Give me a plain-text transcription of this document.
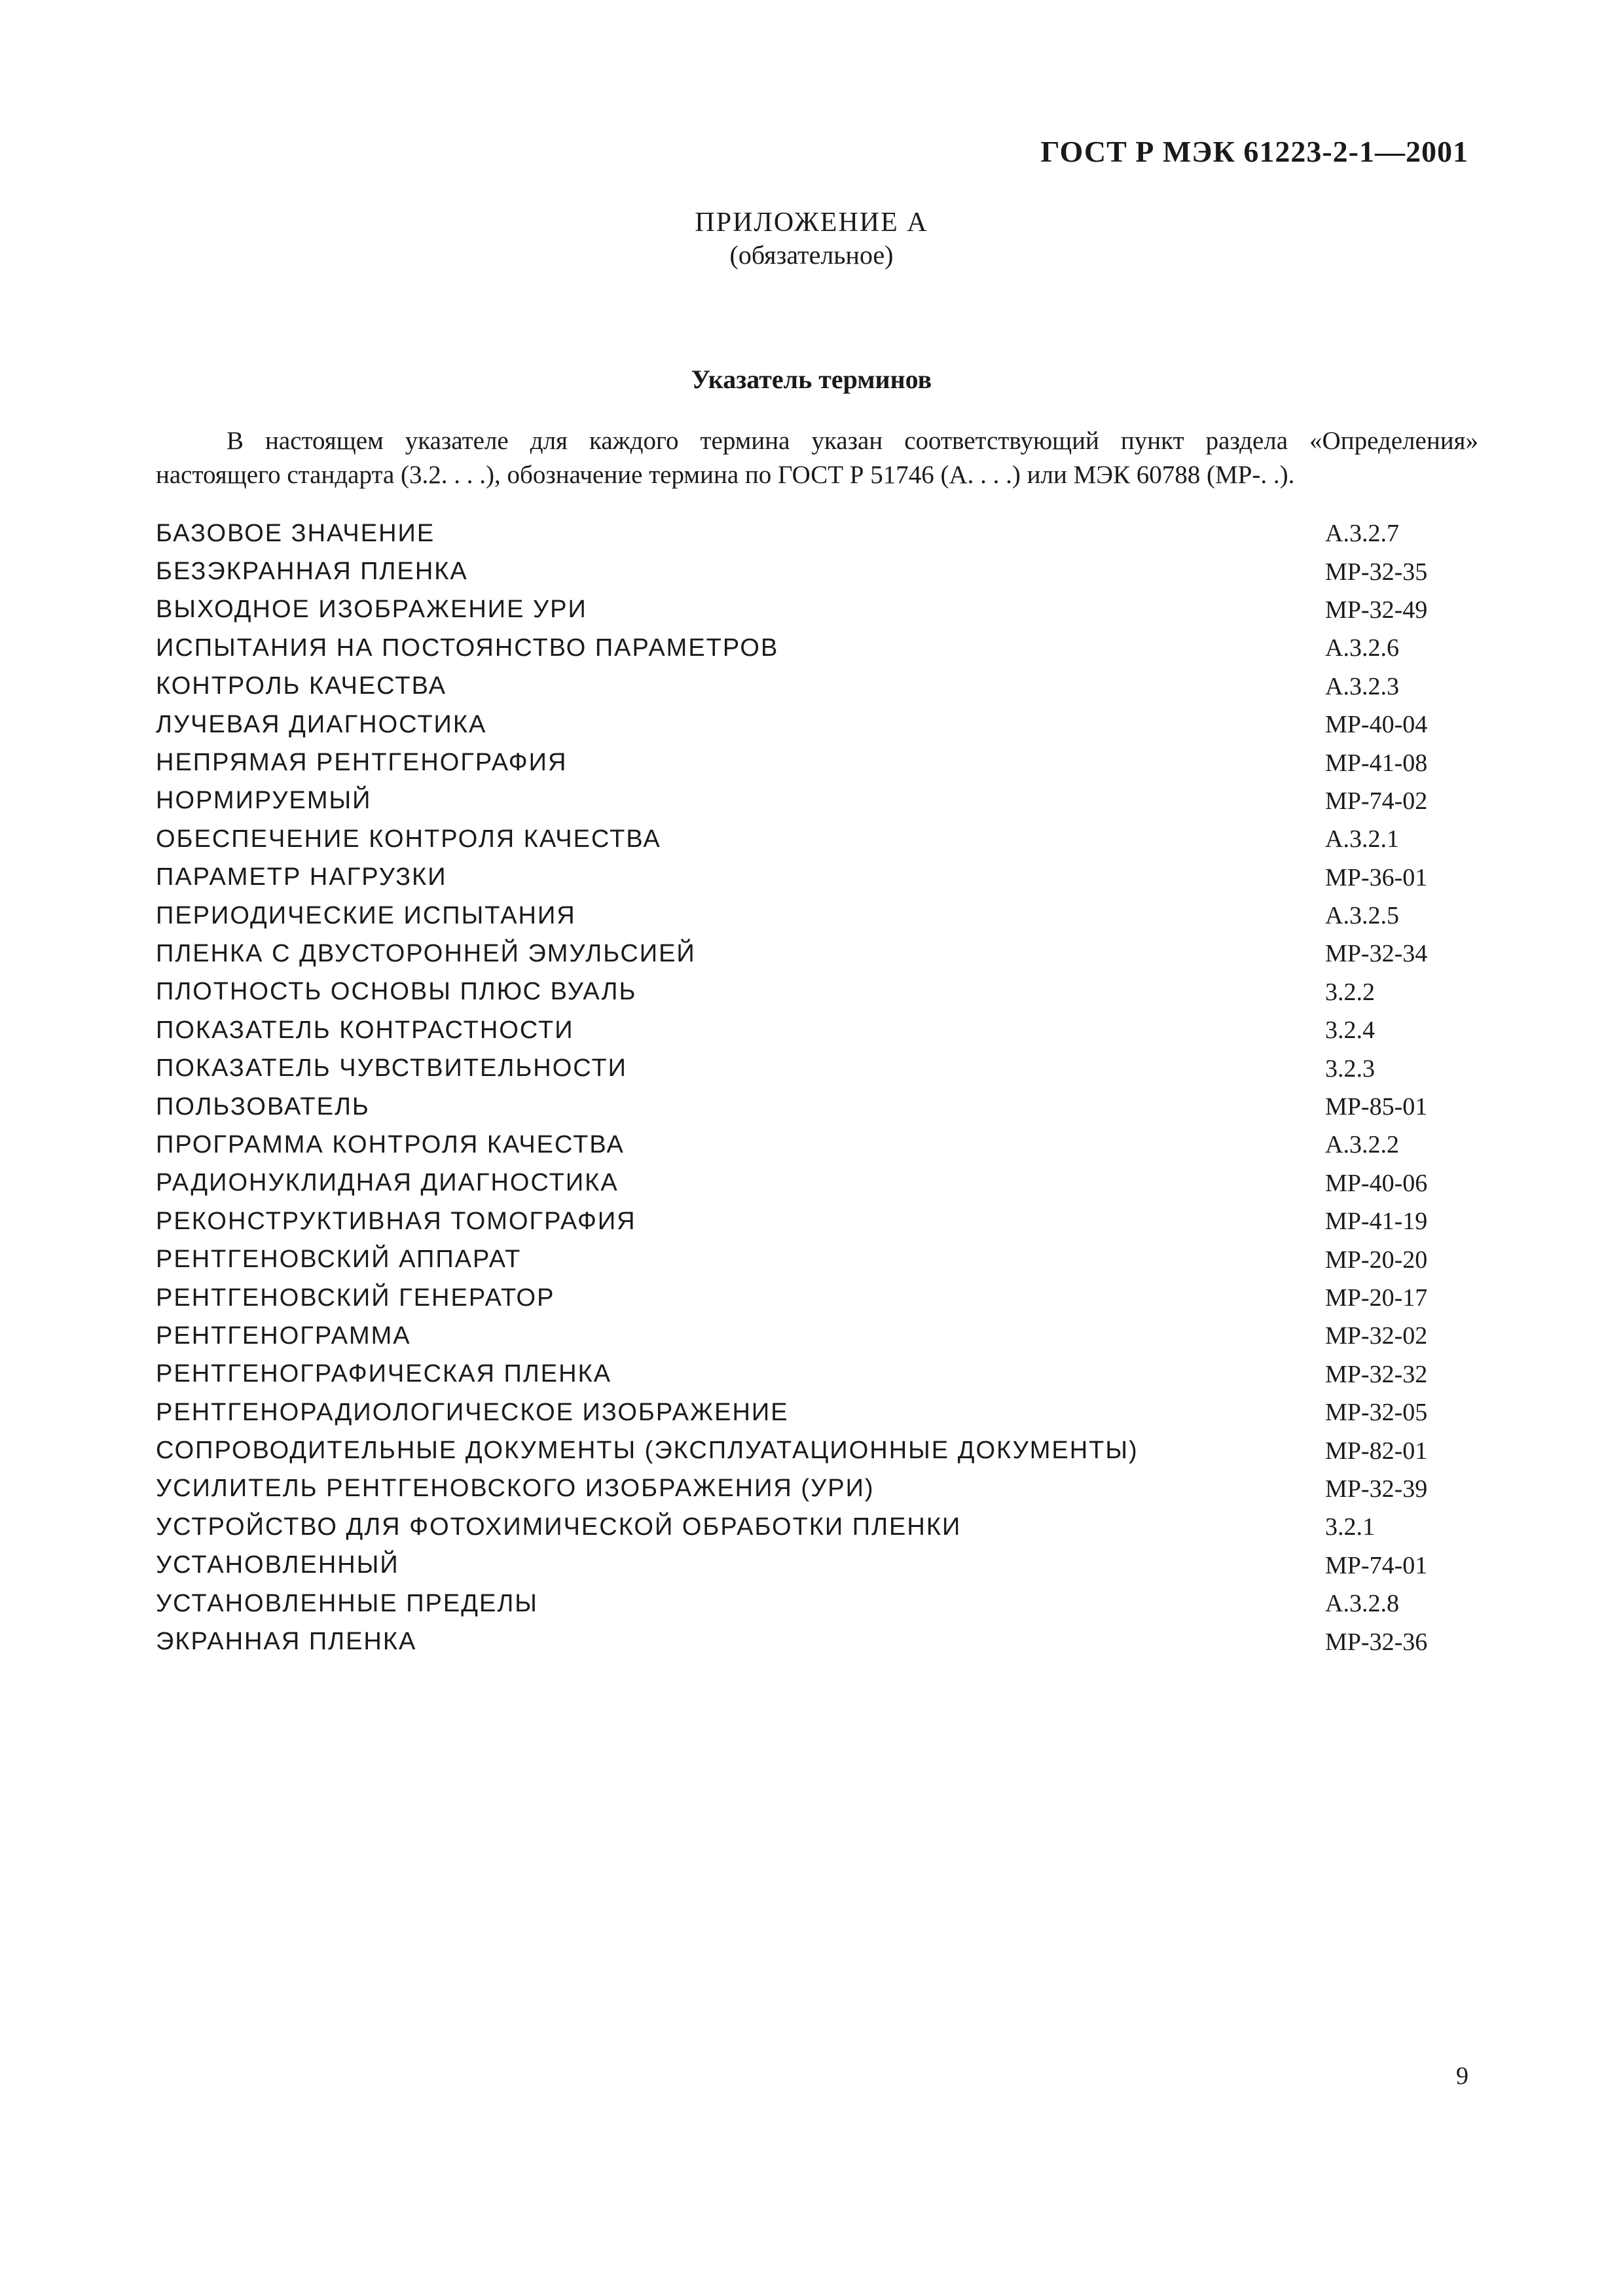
ГОСТ Р МЭК 61223-2-1—2001
ПРИЛОЖЕНИЕ А
(обязательное)
Указатель терминов
В настоящем указателе для каждого термина указан соответствующий пункт раздела «Определения»
настоящего стандарта (3.2. . . .), обозначение термина по ГОСТ Р 51746 (А. . . .) или МЭК 60788 (МР-. .).
БАЗОВОЕ ЗНАЧЕНИЕ	А.3.2.7
БЕЗЭКРАННАЯ ПЛЕНКА	МР-32-35
ВЫХОДНОЕ ИЗОБРАЖЕНИЕ УРИ	МР-32-49
ИСПЫТАНИЯ НА ПОСТОЯНСТВО ПАРАМЕТРОВ	А.3.2.6
КОНТРОЛЬ КАЧЕСТВА	А.3.2.3
ЛУЧЕВАЯ ДИАГНОСТИКА	МР-40-04
НЕПРЯМАЯ РЕНТГЕНОГРАФИЯ	МР-41-08
НОРМИРУЕМЫЙ	МР-74-02
ОБЕСПЕЧЕНИЕ КОНТРОЛЯ КАЧЕСТВА	А.3.2.1
ПАРАМЕТР НАГРУЗКИ	МР-36-01
ПЕРИОДИЧЕСКИЕ ИСПЫТАНИЯ	А.3.2.5
ПЛЕНКА С ДВУСТОРОННЕЙ ЭМУЛЬСИЕЙ	МР-32-34
ПЛОТНОСТЬ ОСНОВЫ ПЛЮС ВУАЛЬ	3.2.2
ПОКАЗАТЕЛЬ КОНТРАСТНОСТИ	3.2.4
ПОКАЗАТЕЛЬ ЧУВСТВИТЕЛЬНОСТИ	3.2.3
ПОЛЬЗОВАТЕЛЬ	МР-85-01
ПРОГРАММА КОНТРОЛЯ КАЧЕСТВА	А.3.2.2
РАДИОНУКЛИДНАЯ ДИАГНОСТИКА	МР-40-06
РЕКОНСТРУКТИВНАЯ ТОМОГРАФИЯ	МР-41-19
РЕНТГЕНОВСКИЙ АППАРАТ	МР-20-20
РЕНТГЕНОВСКИЙ ГЕНЕРАТОР	МР-20-17
РЕНТГЕНОГРАММА	МР-32-02
РЕНТГЕНОГРАФИЧЕСКАЯ ПЛЕНКА	МР-32-32
РЕНТГЕНОРАДИОЛОГИЧЕСКОЕ ИЗОБРАЖЕНИЕ	МР-32-05
СОПРОВОДИТЕЛЬНЫЕ ДОКУМЕНТЫ (ЭКСПЛУАТАЦИОННЫЕ ДОКУМЕНТЫ)	МР-82-01
УСИЛИТЕЛЬ РЕНТГЕНОВСКОГО ИЗОБРАЖЕНИЯ (УРИ)	МР-32-39
УСТРОЙСТВО ДЛЯ ФОТОХИМИЧЕСКОЙ ОБРАБОТКИ ПЛЕНКИ	3.2.1
УСТАНОВЛЕННЫЙ	МР-74-01
УСТАНОВЛЕННЫЕ ПРЕДЕЛЫ	А.3.2.8
ЭКРАННАЯ ПЛЕНКА	МР-32-36
9
